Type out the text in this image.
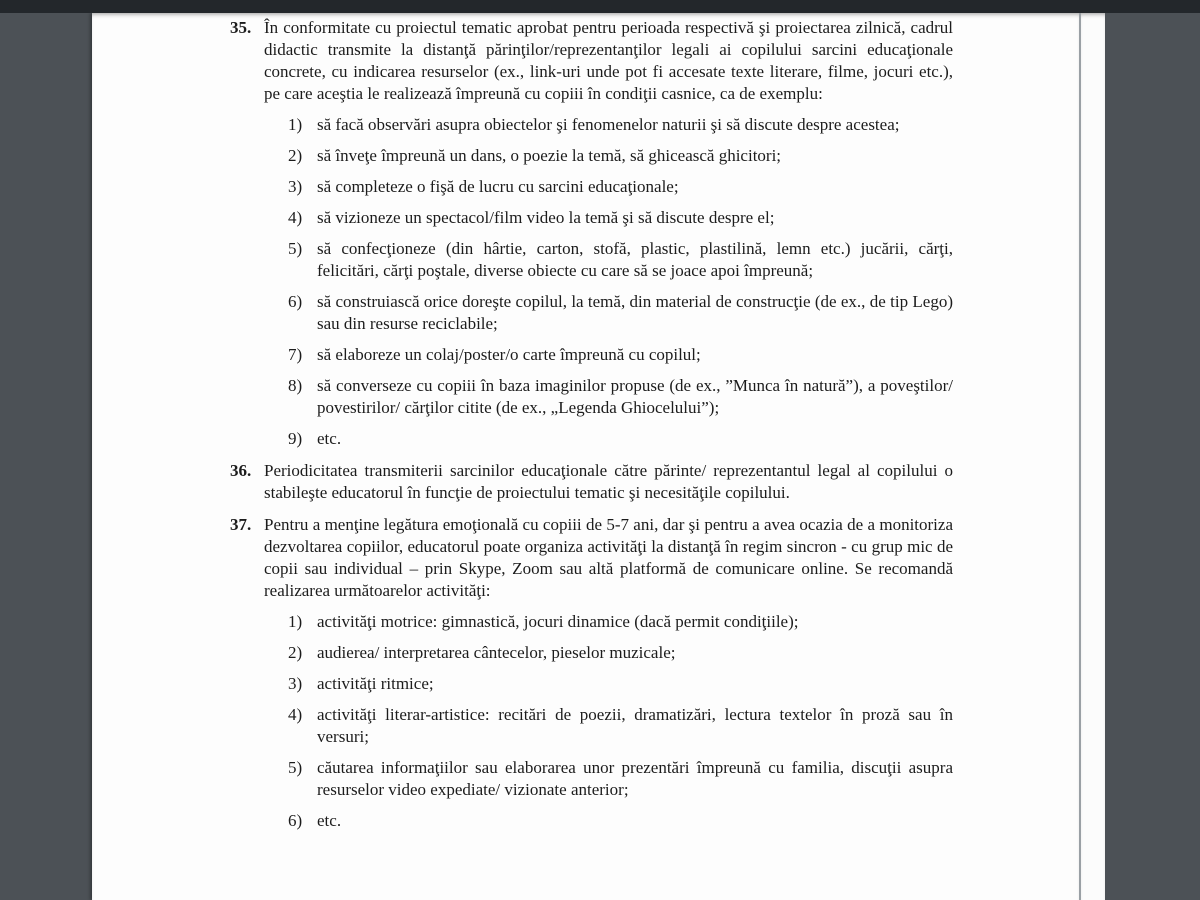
35. În conformitate cu proiectul tematic aprobat pentru perioada respectivă şi proiectarea zilnică, cadrul didactic transmite la distanţă părinţilor/reprezentanţilor legali ai copilului sarcini educaţionale concrete, cu indicarea resurselor (ex., link-uri unde pot fi accesate texte literare, filme, jocuri etc.), pe care aceştia le realizează împreună cu copiii în condiţii casnice, ca de exemplu:
1) să facă observări asupra obiectelor şi fenomenelor naturii şi să discute despre acestea;
2) să înveţe împreună un dans, o poezie la temă, să ghicească ghicitori;
3) să completeze o fişă de lucru cu sarcini educaţionale;
4) să vizioneze un spectacol/film video la temă şi să discute despre el;
5) să confecţioneze (din hârtie, carton, stofă, plastic, plastilină, lemn etc.) jucării, cărţi, felicitări, cărţi poştale, diverse obiecte cu care să se joace apoi împreună;
6) să construiască orice doreşte copilul, la temă, din material de construcţie (de ex., de tip Lego) sau din resurse reciclabile;
7) să elaboreze un colaj/poster/o carte împreună cu copilul;
8) să converseze cu copiii în baza imaginilor propuse (de ex., ”Munca în natură”), a poveştilor/ povestirilor/ cărţilor citite (de ex., „Legenda Ghiocelului”);
9) etc.
36. Periodicitatea transmiterii sarcinilor educaţionale către părinte/ reprezentantul legal al copilului o stabileşte educatorul în funcţie de proiectului tematic şi necesităţile copilului.
37. Pentru a menţine legătura emoţională cu copiii de 5-7 ani, dar şi pentru a avea ocazia de a monitoriza dezvoltarea copiilor, educatorul poate organiza activităţi la distanţă în regim sincron - cu grup mic de copii sau individual – prin Skype, Zoom sau altă platformă de comunicare online. Se recomandă realizarea următoarelor activităţi:
1) activităţi motrice: gimnastică, jocuri dinamice (dacă permit condiţiile);
2) audierea/ interpretarea cântecelor, pieselor muzicale;
3) activităţi ritmice;
4) activităţi literar-artistice: recitări de poezii, dramatizări, lectura textelor în proză sau în versuri;
5) căutarea informaţiilor sau elaborarea unor prezentări împreună cu familia, discuţii asupra resurselor video expediate/ vizionate anterior;
6) etc.
